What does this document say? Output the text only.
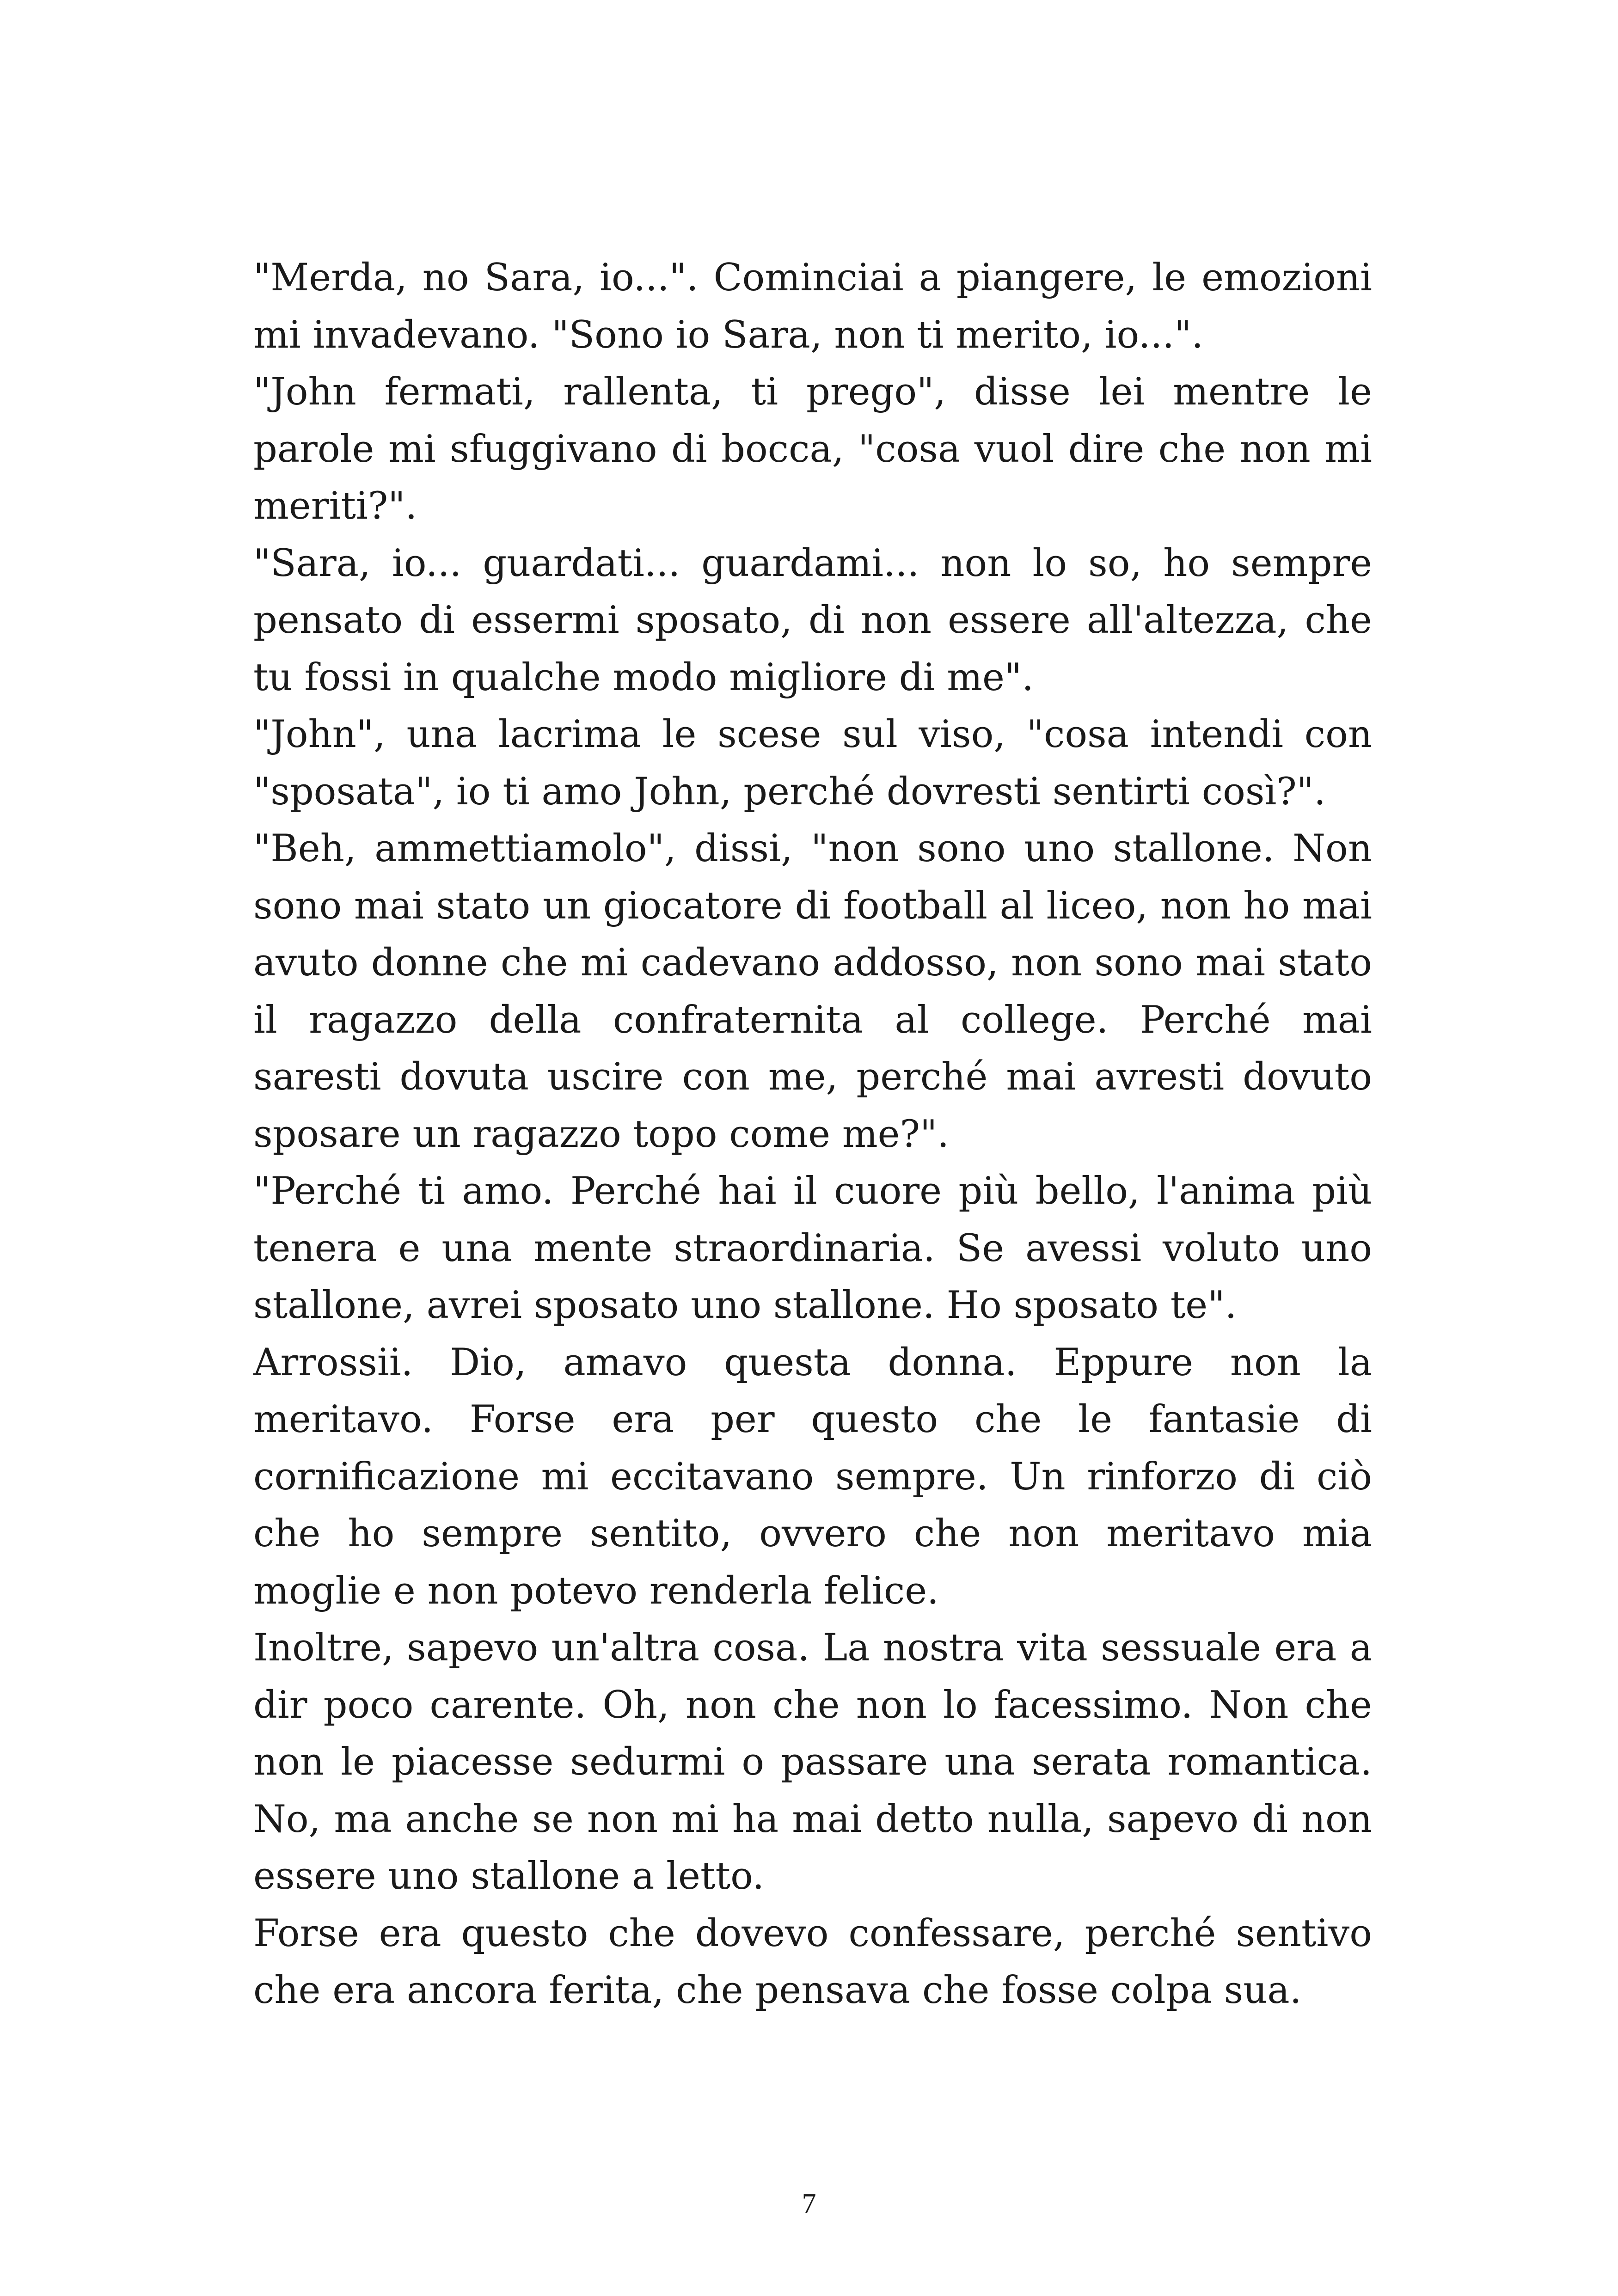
"Merda, no Sara, io...". Cominciai a piangere, le emozioni mi invadevano. "Sono io Sara, non ti merito, io...".

"John fermati, rallenta, ti prego", disse lei mentre le parole mi sfuggivano di bocca, "cosa vuol dire che non mi meriti?".

"Sara, io... guardati... guardami... non lo so, ho sempre pensato di essermi sposato, di non essere all'altezza, che tu fossi in qualche modo migliore di me".

"John", una lacrima le scese sul viso, "cosa intendi con "sposata", io ti amo John, perché dovresti sentirti così?".

"Beh, ammettiamolo", dissi, "non sono uno stallone. Non sono mai stato un giocatore di football al liceo, non ho mai avuto donne che mi cadevano addosso, non sono mai stato il ragazzo della confraternita al college. Perché mai saresti dovuta uscire con me, perché mai avresti dovuto sposare un ragazzo topo come me?".

"Perché ti amo. Perché hai il cuore più bello, l'anima più tenera e una mente straordinaria. Se avessi voluto uno stallone, avrei sposato uno stallone. Ho sposato te".

Arrossii. Dio, amavo questa donna. Eppure non la meritavo. Forse era per questo che le fantasie di cornificazione mi eccitavano sempre. Un rinforzo di ciò che ho sempre sentito, ovvero che non meritavo mia moglie e non potevo renderla felice.

Inoltre, sapevo un'altra cosa. La nostra vita sessuale era a dir poco carente. Oh, non che non lo facessimo. Non che non le piacesse sedurmi o passare una serata romantica. No, ma anche se non mi ha mai detto nulla, sapevo di non essere uno stallone a letto.

Forse era questo che dovevo confessare, perché sentivo che era ancora ferita, che pensava che fosse colpa sua.

7
